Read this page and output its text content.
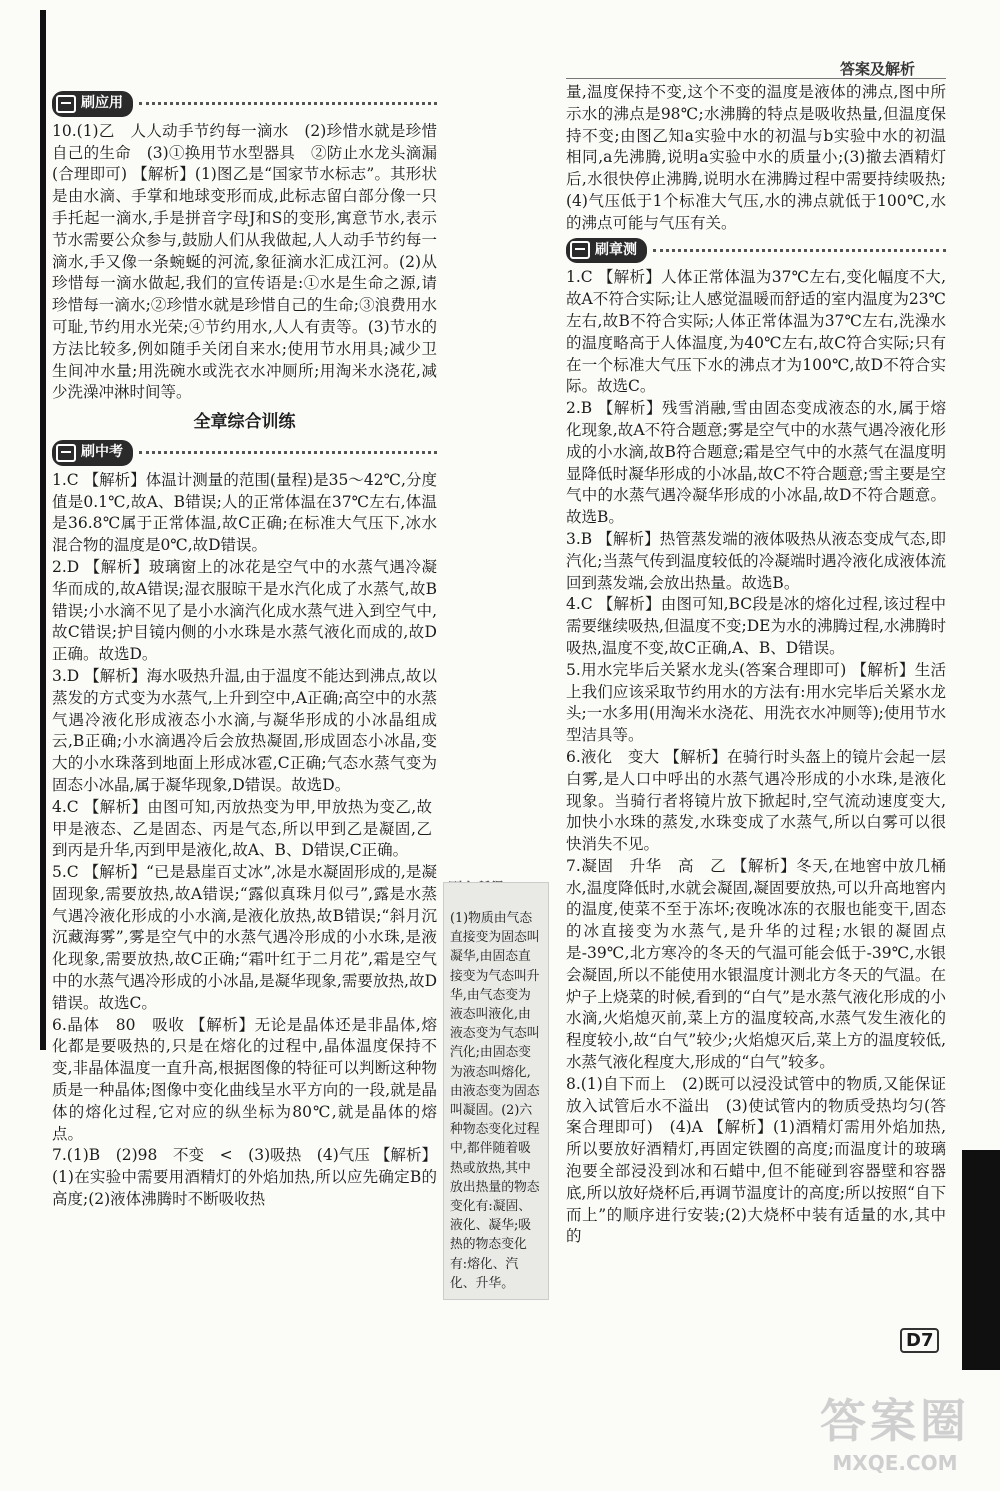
答案及解析
刷应用

10.(1)乙　人人动手节约每一滴水　(2)珍惜水就是珍惜自己的生命　(3)①换用节水型器具　②防止水龙头滴漏(合理即可) 【解析】(1)图乙是“国家节水标志”。其形状是由水滴、手掌和地球变形而成,此标志留白部分像一只手托起一滴水,手是拼音字母J和S的变形,寓意节水,表示节水需要公众参与,鼓励人们从我做起,人人动手节约每一滴水,手又像一条蜿蜒的河流,象征滴水汇成江河。(2)从珍惜每一滴水做起,我们的宣传语是:①水是生命之源,请珍惜每一滴水;②珍惜水就是珍惜自己的生命;③浪费用水可耻,节约用水光荣;④节约用水,人人有责等。(3)节水的方法比较多,例如随手关闭自来水;使用节水用具;减少卫生间冲水量;用洗碗水或洗衣水冲厕所;用淘米水浇花,减少洗澡冲淋时间等。

全章综合训练
刷中考

1.C 【解析】体温计测量的范围(量程)是35～42℃,分度值是0.1℃,故A、B错误;人的正常体温在37℃左右,体温是36.8℃属于正常体温,故C正确;在标准大气压下,冰水混合物的温度是0℃,故D错误。

2.D 【解析】玻璃窗上的冰花是空气中的水蒸气遇冷凝华而成的,故A错误;湿衣服晾干是水汽化成了水蒸气,故B错误;小水滴不见了是小水滴汽化成水蒸气进入到空气中,故C错误;护目镜内侧的小水珠是水蒸气液化而成的,故D正确。故选D。

3.D 【解析】海水吸热升温,由于温度不能达到沸点,故以蒸发的方式变为水蒸气,上升到空中,A正确;高空中的水蒸气遇冷液化形成液态小水滴,与凝华形成的小冰晶组成云,B正确;小水滴遇冷后会放热凝固,形成固态小冰晶,变大的小水珠落到地面上形成冰雹,C正确;气态水蒸气变为固态小冰晶,属于凝华现象,D错误。故选D。

4.C 【解析】由图可知,丙放热变为甲,甲放热为变乙,故甲是液态、乙是固态、丙是气态,所以甲到乙是凝固,乙到丙是升华,丙到甲是液化,故A、B、D错误,C正确。

5.C 【解析】“已是悬崖百丈冰”,冰是水凝固形成的,是凝固现象,需要放热,故A错误;“露似真珠月似弓”,露是水蒸气遇冷液化形成的小水滴,是液化放热,故B错误;“斜月沉沉藏海雾”,雾是空气中的水蒸气遇冷形成的小水珠,是液化现象,需要放热,故C正确;“霜叶红于二月花”,霜是空气中的水蒸气遇冷形成的小冰晶,是凝华现象,需要放热,故D错误。故选C。

6.晶体　80　吸收 【解析】无论是晶体还是非晶体,熔化都是要吸热的,只是在熔化的过程中,晶体温度保持不变,非晶体温度一直升高,根据图像的特征可以判断这种物质是一种晶体;图像中变化曲线呈水平方向的一段,就是晶体的熔化过程,它对应的纵坐标为80℃,就是晶体的熔点。

7.(1)B　(2)98　不变　<　(3)吸热　(4)气压 【解析】(1)在实验中需要用酒精灯的外焰加热,所以应先确定B的高度;(2)液体沸腾时不断吸收热

(1)物质由气态直接变为固态叫凝华,由固态直接变为气态叫升华,由气态变为液态叫液化,由液态变为气态叫汽化;由固态变为液态叫熔化,由液态变为固态叫凝固。(2)六种物态变化过程中,都伴随着吸热或放热,其中放出热量的物态变化有:凝固、液化、凝华;吸热的物态变化有:熔化、汽化、升华。

量,温度保持不变,这个不变的温度是液体的沸点,图中所示水的沸点是98℃;水沸腾的特点是吸收热量,但温度保持不变;由图乙知a实验中水的初温与b实验中水的初温相同,a先沸腾,说明a实验中水的质量小;(3)撤去酒精灯后,水很快停止沸腾,说明水在沸腾过程中需要持续吸热;(4)气压低于1个标准大气压,水的沸点就低于100℃,水的沸点可能与气压有关。

刷章测

1.C 【解析】人体正常体温为37℃左右,变化幅度不大,故A不符合实际;让人感觉温暖而舒适的室内温度为23℃左右,故B不符合实际;人体正常体温为37℃左右,洗澡水的温度略高于人体温度,为40℃左右,故C符合实际;只有在一个标准大气压下水的沸点才为100℃,故D不符合实际。故选C。

2.B 【解析】残雪消融,雪由固态变成液态的水,属于熔化现象,故A不符合题意;雾是空气中的水蒸气遇冷液化形成的小水滴,故B符合题意;霜是空气中的水蒸气在温度明显降低时凝华形成的小冰晶,故C不符合题意;雪主要是空气中的水蒸气遇冷凝华形成的小冰晶,故D不符合题意。故选B。

3.B 【解析】热管蒸发端的液体吸热从液态变成气态,即汽化;当蒸气传到温度较低的冷凝端时遇冷液化成液体流回到蒸发端,会放出热量。故选B。

4.C 【解析】由图可知,BC段是冰的熔化过程,该过程中需要继续吸热,但温度不变;DE为水的沸腾过程,水沸腾时吸热,温度不变,故C正确,A、B、D错误。

5.用水完毕后关紧水龙头(答案合理即可) 【解析】生活上我们应该采取节约用水的方法有:用水完毕后关紧水龙头;一水多用(用淘米水浇花、用洗衣水冲厕等);使用节水型洁具等。

6.液化　变大 【解析】在骑行时头盔上的镜片会起一层白雾,是人口中呼出的水蒸气遇冷形成的小水珠,是液化现象。当骑行者将镜片放下掀起时,空气流动速度变大,加快小水珠的蒸发,水珠变成了水蒸气,所以白雾可以很快消失不见。

7.凝固　升华　高　乙 【解析】冬天,在地窖中放几桶水,温度降低时,水就会凝固,凝固要放热,可以升高地窖内的温度,使菜不至于冻坏;夜晚冰冻的衣服也能变干,固态的冰直接变为水蒸气,是升华的过程;水银的凝固点是-39℃,北方寒冷的冬天的气温可能会低于-39℃,水银会凝固,所以不能使用水银温度计测北方冬天的气温。在炉子上烧菜的时候,看到的“白气”是水蒸气液化形成的小水滴,火焰熄灭前,菜上方的温度较高,水蒸气发生液化的程度较小,故“白气”较少;火焰熄灭后,菜上方的温度较低,水蒸气液化程度大,形成的“白气”较多。

8.(1)自下而上　(2)既可以浸没试管中的物质,又能保证放入试管后水不溢出　(3)使试管内的物质受热均匀(答案合理即可)　(4)A 【解析】(1)酒精灯需用外焰加热,所以要放好酒精灯,再固定铁圈的高度;而温度计的玻璃泡要全部浸没到冰和石蜡中,但不能碰到容器壁和容器底,所以放好烧杯后,再调节温度计的高度;所以按照“自下而上”的顺序进行安装;(2)大烧杯中装有适量的水,其中的

D7
答案圈
MXQE.COM
